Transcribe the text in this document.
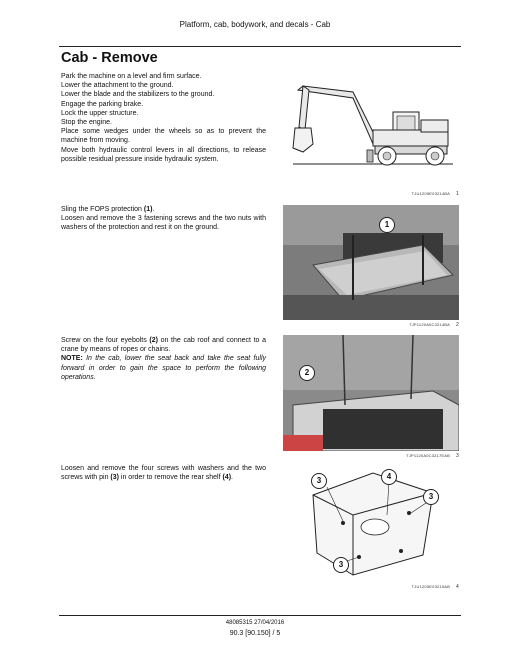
Platform, cab, bodywork, and decals - Cab
Cab - Remove

Park the machine on a level and firm surface.

Lower the attachment to the ground.

Lower the blade and the stabilizers to the ground.

Engage the parking brake.

Lock the upper structure.

Stop the engine.

Place some wedges under the wheels so as to prevent the machine from moving.

Move both hydraulic control levers in all directions, to release possible residual pressure inside hydraulic system.

TJU1205E03214BA 1

Sling the FOPS protection (1).

Loosen and remove the 3 fastening screws and the two nuts with washers of the protection and rest it on the ground.	1
TJP1120A0C3214BA 2

Screw on the four eyebolts (2) on the cab roof and connect to a crane by means of ropes or chains.

NOTE: In the cab, lower the seat back and take the seat fully forward in order to gain the space to perform the following operations.

2
TJP1120A0C3217EAB 3

Loosen and remove the four screws with washers and the two screws with pin (3) in order to remove the rear shelf (4).	3	4
3
3
TJU1205E03215AB 4
48085315 27/04/2016
90.3 [90.150] / 5
